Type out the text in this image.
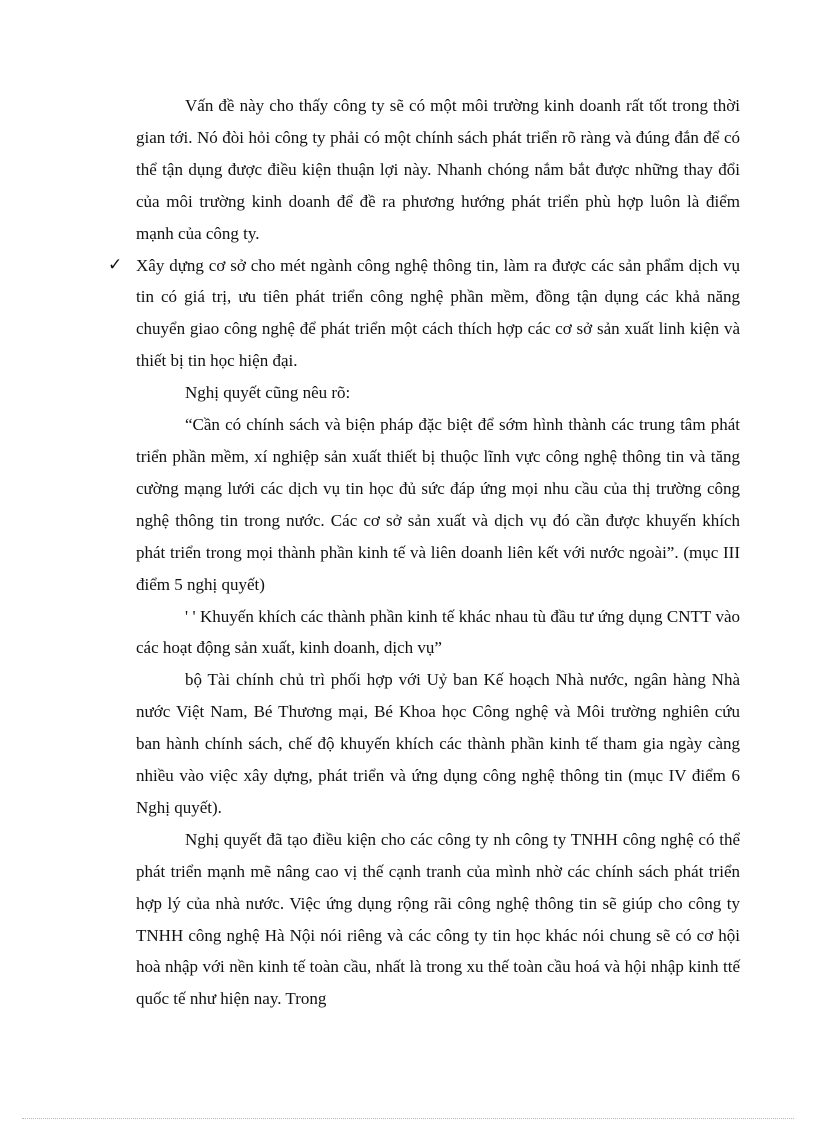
Vấn đề này cho thấy công ty sẽ có một môi trường kinh doanh rất tốt trong thời gian tới. Nó đòi hỏi công ty phải có một chính sách phát triển rõ ràng và đúng đắn để có thể tận dụng được điều kiện thuận lợi này. Nhanh chóng nắm bắt được những thay đổi của môi trường kinh doanh để đề ra phương hướng phát triển phù hợp luôn là điểm mạnh của công ty.

✓ Xây dựng cơ sở cho mét ngành công nghệ thông tin, làm ra được các sản phẩm dịch vụ tin có giá trị, ưu tiên phát triển công nghệ phần mềm, đồng tận dụng các khả năng chuyển giao công nghệ để phát triển một cách thích hợp các cơ sở sản xuất linh kiện và thiết bị tin học hiện đại.

Nghị quyết cũng nêu rõ:

“Cần có chính sách và biện pháp đặc biệt để sớm hình thành các trung tâm phát triển phần mềm, xí nghiệp sản xuất thiết bị thuộc lĩnh vực công nghệ thông tin và tăng cường mạng lưới các dịch vụ tin học đủ sức đáp ứng mọi nhu cầu của thị trường công nghệ thông tin trong nước. Các cơ sở sản xuất và dịch vụ đó cần được khuyến khích phát triển trong mọi thành phần kinh tế và liên doanh liên kết với nước ngoài”. (mục III điểm 5 nghị quyết)

' ' Khuyến khích các thành phần kinh tế khác nhau tù đầu tư ứng dụng CNTT vào các hoạt động sản xuất, kinh doanh, dịch vụ”

bộ Tài chính chủ trì phối hợp với Uỷ ban Kế hoạch Nhà nước, ngân hàng Nhà nước Việt Nam, Bé Thương mại, Bé Khoa học Công nghệ và Môi trường nghiên cứu ban hành chính sách, chế độ khuyến khích các thành phần kinh tế tham gia ngày càng nhiều vào việc xây dựng, phát triển và ứng dụng công nghệ thông tin (mục IV điểm 6 Nghị quyết).

Nghị quyết đã tạo điều kiện cho các công ty nh công ty TNHH công nghệ có thể phát triển mạnh mẽ nâng cao vị thế cạnh tranh của mình nhờ các chính sách phát triển hợp lý của nhà nước. Việc ứng dụng rộng rãi công nghệ thông tin sẽ giúp cho công ty TNHH công nghệ Hà Nội nói riêng và các công ty tin học khác nói chung sẽ có cơ hội hoà nhập với nền kinh tế toàn cầu, nhất là trong xu thế toàn cầu hoá và hội nhập kinh ttế quốc tế như hiện nay. Trong
